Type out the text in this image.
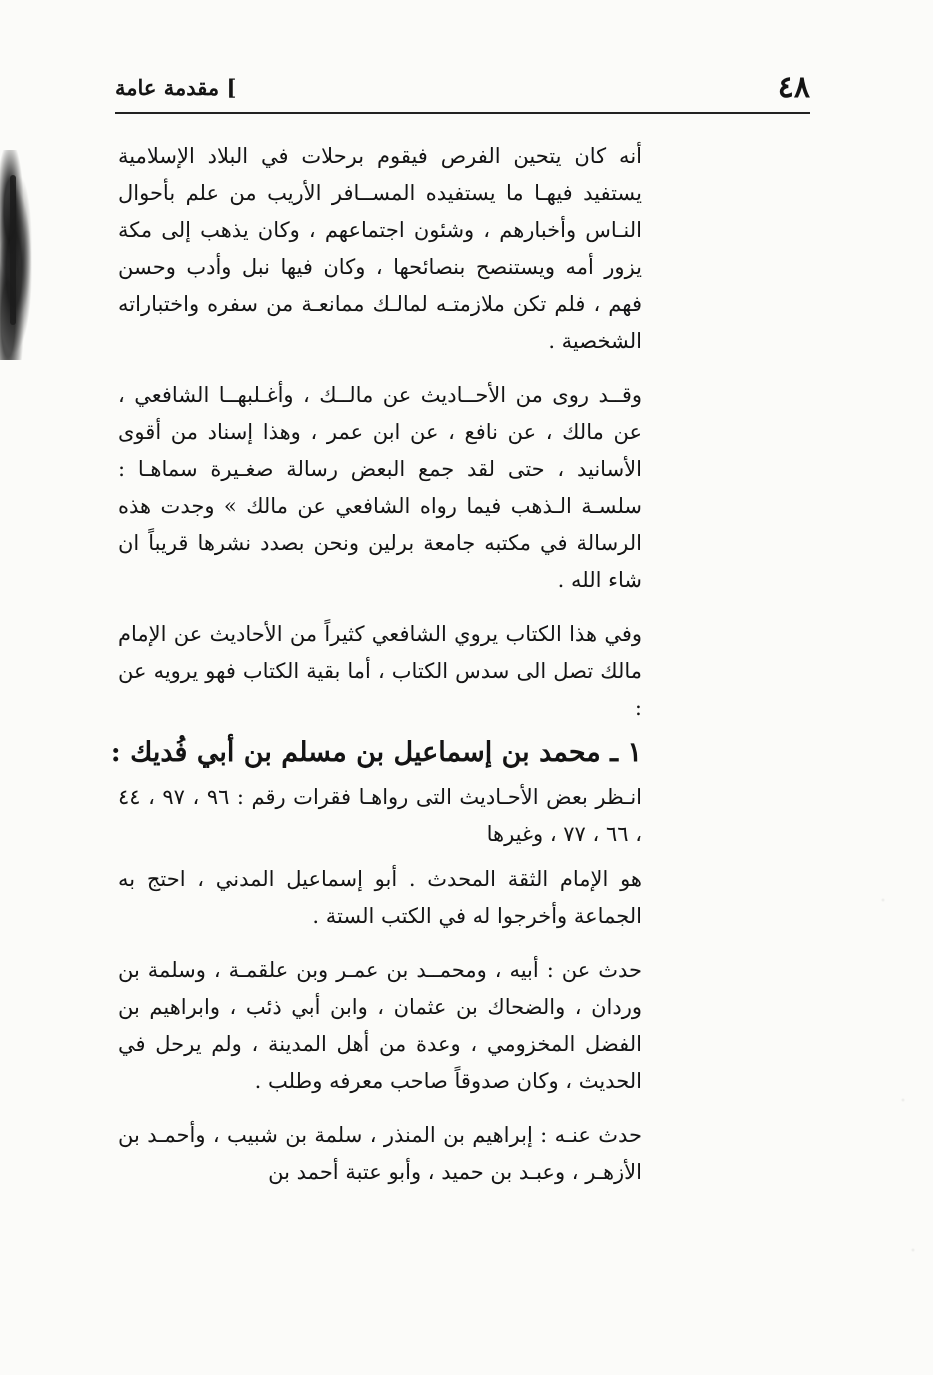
٤٨
] مقدمة عامة

أنه كان يتحين الفرص فيقوم برحلات في البلاد الإسلامية يستفيد فيهـا ما يستفيده المســافر الأريب من علم بأحوال النـاس وأخبارهم ، وشئون اجتماعهم ، وكان يذهب إلى مكة يزور أمه ويستنصح بنصائحها ، وكان فيها نبل وأدب وحسن فهم ، فلم تكن ملازمتـه لمالـك ممانعـة من سفره واختباراته الشخصية .

وقــد روى من الأحــاديث عن مالــك ، وأغـلبهــا الشافعي ، عن مالك ، عن نافع ، عن ابن عمر ، وهذا إسناد من أقوى الأسانيد ، حتى لقد جمع البعض رسالة صغـيرة سماهـا : سلسـة الـذهب فيما رواه الشافعي عن مالك » وجدت هذه الرسالة في مكتبه جامعة برلين ونحن بصدد نشرها قريباً ان شاء الله .

وفي هذا الكتاب يروي الشافعي كثيراً من الأحاديث عن الإمام مالك تصل الى سدس الكتاب ، أما بقية الكتاب فهو يرويه عن :

١ ـ محمد بن إسماعيل بن مسلم بن أبي فُديك :

انـظر بعض الأحـاديث التى رواهـا فقرات رقم : ٩٦ ، ٩٧ ، ٤٤ ، ٦٦ ، ٧٧ ، وغيرها

هو الإمام الثقة المحدث . أبو إسماعيل المدني ، احتج به الجماعة وأخرجوا له في الكتب الستة .

حدث عن : أبيه ، ومحمــد بن عمـر وبن علقمـة ، وسلمة بن وردان ، والضحاك بن عثمان ، وابن أبي ذئب ، وابراهيم بن الفضل المخزومي ، وعدة من أهل المدينة ، ولم يرحل في الحديث ، وكان صدوقاً صاحب معرفه وطلب .

حدث عنـه : إبراهيم بن المنذر ، سلمة بن شبيب ، وأحمـد بن الأزهـر ، وعبـد بن حميد ، وأبو عتبة أحمد بن
